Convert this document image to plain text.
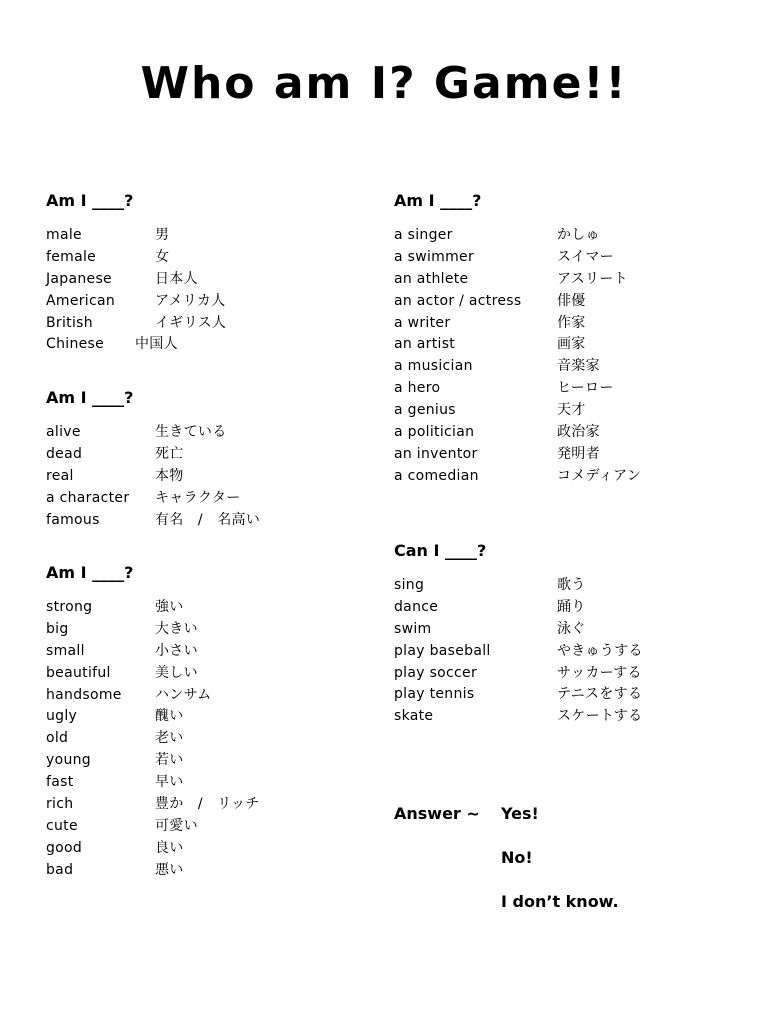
Who am I? Game!!
Am I ____?
male	男
female	女
Japanese	日本人
American	アメリカ人
British	イギリス人
Chinese 中国人
Am I ____?
alive	生きている
dead	死亡
real	本物
a character キャラクター
famous	有名　/　名高い
Am I ____?
strong	強い
big	大きい
small	小さい
beautiful	美しい
handsome ハンサム
ugly	醜い
old	老い
young	若い
fast	早い
rich	豊か　/　リッチ
cute	可愛い
good	良い
bad	悪い
Am I ____?
a singer	かしゅ
a swimmer	スイマー
an athlete	アスリート
an actor / actress	俳優
a writer	作家
an artist	画家
a musician	音楽家
a hero	ヒーロー
a genius	天才
a politician	政治家
an inventor	発明者
a comedian	コメディアン
Can I ____?
sing	歌う
dance	踊り
swim	泳ぐ
play baseball	やきゅうする
play soccer	サッカーする
play tennis	テニスをする
skate	スケートする
Answer ~ Yes!
No!
I don’t know.
